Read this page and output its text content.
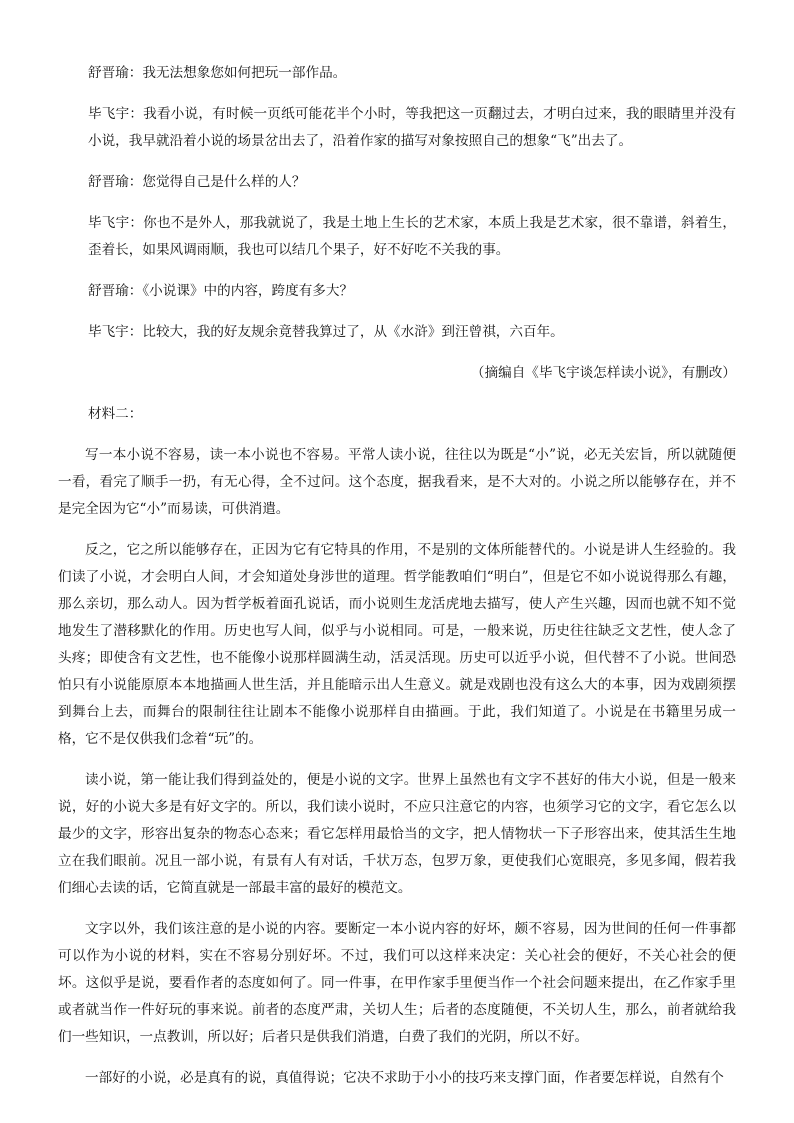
舒晋瑜：我无法想象您如何把玩一部作品。

毕飞宇：我看小说，有时候一页纸可能花半个小时，等我把这一页翻过去，才明白过来，我的眼睛里并没有小说，我早就沿着小说的场景岔出去了，沿着作家的描写对象按照自己的想象“飞”出去了。

舒晋瑜：您觉得自己是什么样的人？

毕飞宇：你也不是外人，那我就说了，我是土地上生长的艺术家，本质上我是艺术家，很不靠谱，斜着生，歪着长，如果风调雨顺，我也可以结几个果子，好不好吃不关我的事。

舒晋瑜：《小说课》中的内容，跨度有多大？

毕飞宇：比较大，我的好友规余竟替我算过了，从《水浒》到汪曾祺，六百年。

（摘编自《毕飞宇谈怎样读小说》，有删改）

材料二：

写一本小说不容易，读一本小说也不容易。平常人读小说，往往以为既是“小”说，必无关宏旨，所以就随便一看，看完了顺手一扔，有无心得，全不过问。这个态度，据我看来，是不大对的。小说之所以能够存在，并不是完全因为它“小”而易读，可供消遣。

反之，它之所以能够存在，正因为它有它特具的作用，不是别的文体所能替代的。小说是讲人生经验的。我们读了小说，才会明白人间，才会知道处身涉世的道理。哲学能教咱们“明白”，但是它不如小说说得那么有趣，那么亲切，那么动人。因为哲学板着面孔说话，而小说则生龙活虎地去描写，使人产生兴趣，因而也就不知不觉地发生了潜移默化的作用。历史也写人间，似乎与小说相同。可是，一般来说，历史往往缺乏文艺性，使人念了头疼；即使含有文艺性，也不能像小说那样圆满生动，活灵活现。历史可以近乎小说，但代替不了小说。世间恐怕只有小说能原原本本地描画人世生活，并且能暗示出人生意义。就是戏剧也没有这么大的本事，因为戏剧须摆到舞台上去，而舞台的限制往往让剧本不能像小说那样自由描画。于此，我们知道了。小说是在书籍里另成一格，它不是仅供我们念着“玩”的。

读小说，第一能让我们得到益处的，便是小说的文字。世界上虽然也有文字不甚好的伟大小说，但是一般来说，好的小说大多是有好文字的。所以，我们读小说时，不应只注意它的内容，也须学习它的文字，看它怎么以最少的文字，形容出复杂的物态心态来；看它怎样用最恰当的文字，把人情物状一下子形容出来，使其活生生地立在我们眼前。况且一部小说，有景有人有对话，千状万态，包罗万象，更使我们心宽眼亮，多见多闻，假若我们细心去读的话，它简直就是一部最丰富的最好的模范文。

文字以外，我们该注意的是小说的内容。要断定一本小说内容的好坏，颇不容易，因为世间的任何一件事都可以作为小说的材料，实在不容易分别好坏。不过，我们可以这样来决定：关心社会的便好，不关心社会的便坏。这似乎是说，要看作者的态度如何了。同一件事，在甲作家手里便当作一个社会问题来提出，在乙作家手里或者就当作一件好玩的事来说。前者的态度严肃，关切人生；后者的态度随便，不关切人生，那么，前者就给我们一些知识，一点教训，所以好；后者只是供我们消遣，白费了我们的光阴，所以不好。

一部好的小说，必是真有的说，真值得说；它决不求助于小小的技巧来支撑门面，作者要怎样说，自然有个
